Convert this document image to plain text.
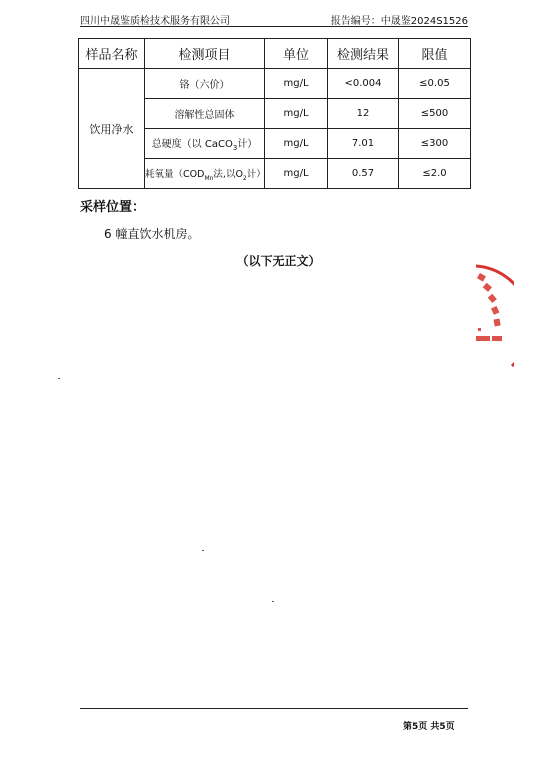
四川中晟鉴质检技术服务有限公司	报告编号：中晟鉴2024S1526
样品名称	检测项目	单位	检测结果	限值
饮用净水	铬（六价）	mg/L	<0.004	≤0.05
	溶解性总固体	mg/L	12	≤500
	总硬度（以 CaCO$_3$计）	mg/L	7.01	≤300
	耗氧量（$COD_{Mn}$法,以$O_2$计）	mg/L	0.57	≤2.0
采样位置：
6 幢直饮水机房。
（以下无正文）
第5页 共5页
